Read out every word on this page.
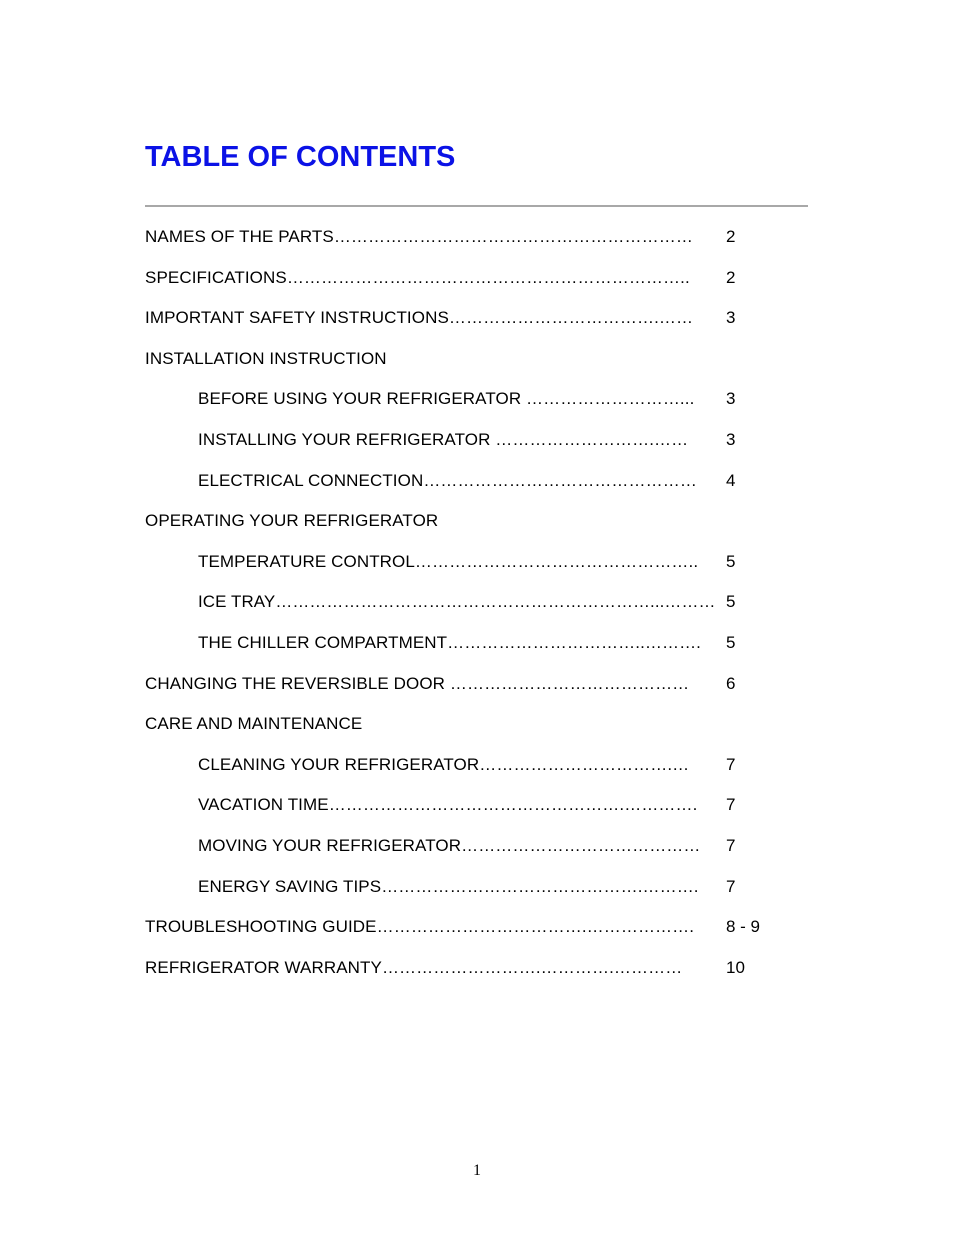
TABLE OF CONTENTS
NAMES OF THE PARTS……………………………………………………… 2
SPECIFICATIONS…………………………………………………………….. 2
IMPORTANT SAFETY INSTRUCTIONS……………………………….…… 3
INSTALLATION INSTRUCTION
BEFORE USING YOUR REFRIGERATOR ………………………... 3
INSTALLING YOUR REFRIGERATOR ……………………….…… 3
ELECTRICAL CONNECTION………………………………………… 4
OPERATING YOUR REFRIGERATOR
TEMPERATURE CONTROL………………………………………….. 5
ICE TRAY…………………………………………………………...……… 5
THE CHILLER COMPARTMENT……………………………..………. 5
CHANGING THE REVERSIBLE DOOR …………………………………… 6
CARE AND MAINTENANCE
CLEANING YOUR REFRIGERATOR…………………………….… 7
VACATION TIME…………………………………………….…………. 7
MOVING YOUR REFRIGERATOR…………………………………… 7
ENERGY SAVING TIPS……………………………………….………. 7
TROUBLESHOOTING GUIDE……………………………….………………. 8 - 9
REFRIGERATOR WARRANTY……………………….………….…………	10
1
